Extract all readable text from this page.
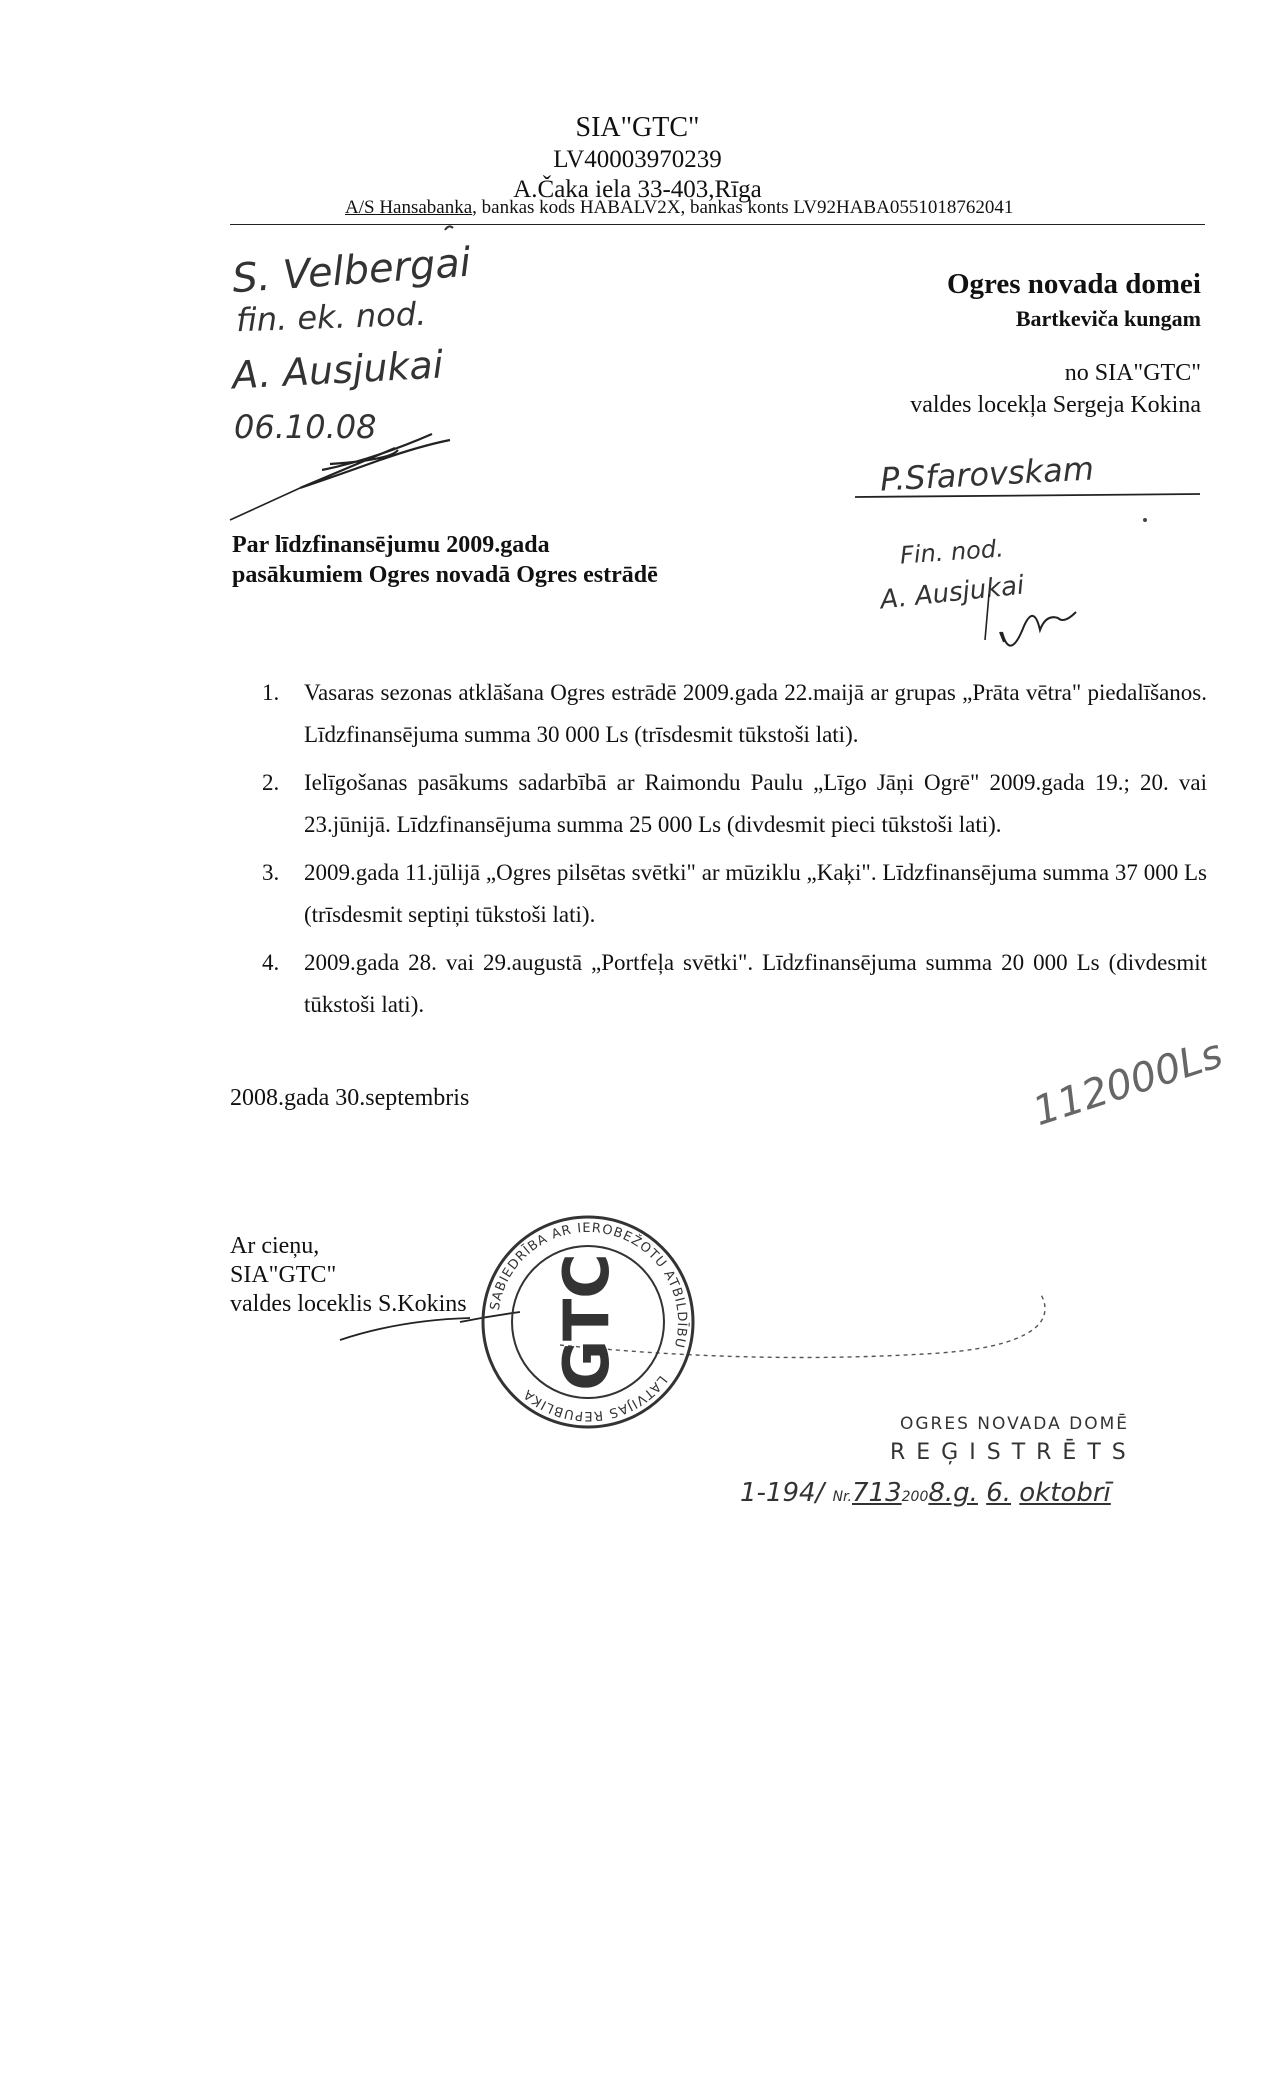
SIA"GTC"
LV40003970239
A.Čaka iela 33-403,Rīga
A/S Hansabanka, bankas kods HABALV2X, bankas konts LV92HABA0551018762041
Ogres novada domei
Bartkeviča kungam
no SIA"GTC"
valdes locekļa Sergeja Kokina
S. Velbergai
fin. ek. nod.
A. Ausjukai
06.10.08
P.Sfarovskam
Fin. nod.
A. Ausjukai
Par līdzfinansējumu 2009.gada
pasākumiem Ogres novadā Ogres estrādē
1. Vasaras sezonas atklāšana Ogres estrādē 2009.gada 22.maijā ar grupas „Prāta vētra" piedalīšanos. Līdzfinansējuma summa 30 000 Ls (trīsdesmit tūkstoši lati).
2. Ielīgošanas pasākums sadarbībā ar Raimondu Paulu „Līgo Jāņi Ogrē" 2009.gada 19.; 20. vai 23.jūnijā. Līdzfinansējuma summa 25 000 Ls (divdesmit pieci tūkstoši lati).
3. 2009.gada 11.jūlijā „Ogres pilsētas svētki" ar mūziklu „Kaķi". Līdzfinansējuma summa 37 000 Ls (trīsdesmit septiņi tūkstoši lati).
4. 2009.gada 28. vai 29.augustā „Portfeļa svētki". Līdzfinansējuma summa 20 000 Ls (divdesmit tūkstoši lati).
112000Ls
2008.gada 30.septembris
Ar cieņu,
SIA"GTC"
valdes loceklis S.Kokins SABIEDRĪBA AR IEROBEŽOTU ATBILDĪBU
LATVIJAS REPUBLIKA
GTC
OGRES NOVADA DOMĒ
REĢISTRĒTS
1-194/ Nr.7132008.g. 6. oktobrī
